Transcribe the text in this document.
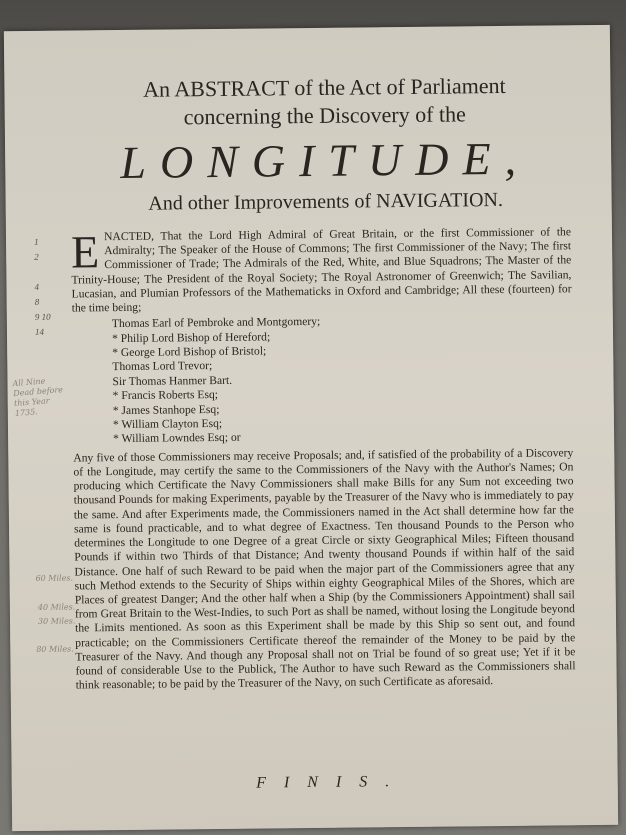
An ABSTRACT of the Act of Parliament
concerning the Discovery of the
LONGITUDE,
And other Improvements of NAVIGATION.
1
2
4
8
9 10
14

E NACTED, That the Lord High Admiral of Great Britain, or the first Commissioner of the Admiralty; The Speaker of the House of Commons; The first Commissioner of the Navy; The first Commissioner of Trade; The Admirals of the Red, White, and Blue Squadrons; The Master of the Trinity-House; The President of the Royal Society; The Royal Astronomer of Greenwich; The Savilian, Lucasian, and Plumian Professors of the Mathematicks in Oxford and Cambridge; All these (fourteen) for the time being;

Thomas Earl of Pembroke and Montgomery;
* Philip Lord Bishop of Hereford;
* George Lord Bishop of Bristol;
Thomas Lord Trevor;
Sir Thomas Hanmer Bart.
* Francis Roberts Esq;
* James Stanhope Esq;
* William Clayton Esq;
* William Lowndes Esq; or

Any five of those Commissioners may receive Proposals; and, if satisfied of the probability of a Discovery of the Longitude, may certify the same to the Commissioners of the Navy with the Author's Names; On producing which Certificate the Navy Commissioners shall make Bills for any Sum not exceeding two thousand Pounds for making Experiments, payable by the Treasurer of the Navy who is immediately to pay the same. And after Experiments made, the Commissioners named in the Act shall determine how far the same is found practicable, and to what degree of Exactness. Ten thousand Pounds to the Person who determines the Longitude to one Degree of a great Circle or sixty Geographical Miles; Fifteen thousand Pounds if within two Thirds of that Distance; And twenty thousand Pounds if within half of the said Distance. One half of such Reward to be paid when the major part of the Commissioners agree that any such Method extends to the Security of Ships within eighty Geographical Miles of the Shores, which are Places of greatest Danger; And the other half when a Ship (by the Commissioners Appointment) shall sail from Great Britain to the West-Indies, to such Port as shall be named, without losing the Longitude beyond the Limits mentioned. As soon as this Experiment shall be made by this Ship so sent out, and found practicable; on the Commissioners Certificate thereof the remainder of the Money to be paid by the Treasurer of the Navy. And though any Proposal shall not on Trial be found of so great use; Yet if it be found of considerable Use to the Publick, The Author to have such Reward as the Commissioners shall think reasonable; to be paid by the Treasurer of the Navy, on such Certificate as aforesaid.

All Nine Dead before this Year 1735.
60 Miles.
40 Miles.
30 Miles.
80 Miles.
FINIS.
